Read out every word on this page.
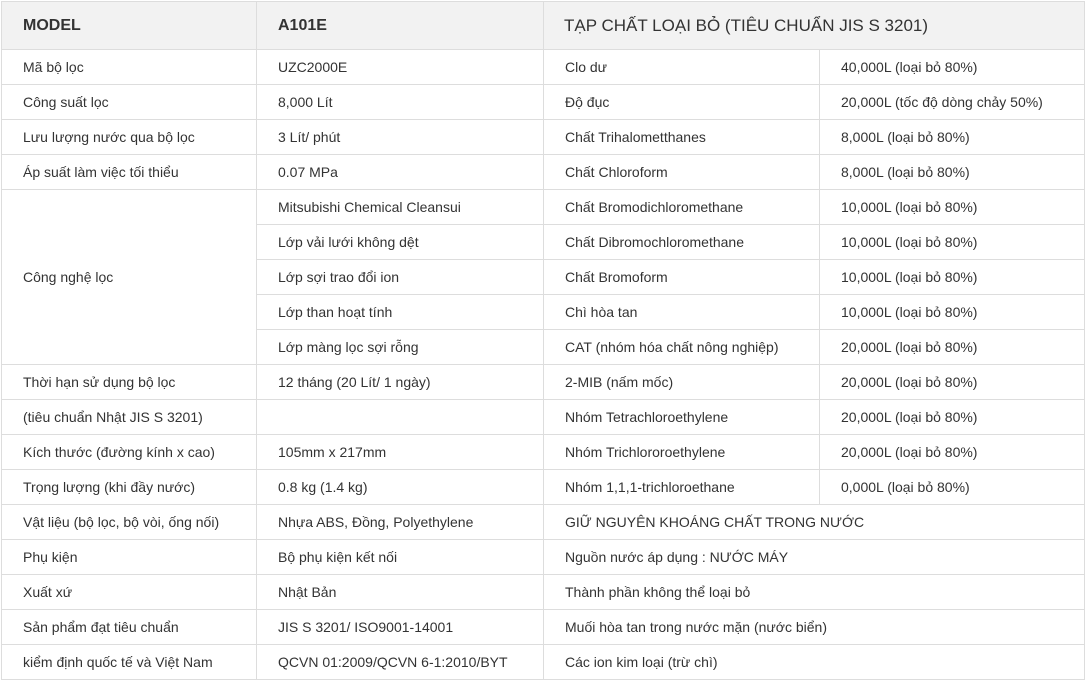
MODEL	A101E	TẠP CHẤT LOẠI BỎ (TIÊU CHUẨN JIS S 3201)	
Mã bộ lọc	UZC2000E	Clo dư	40,000L (loại bỏ 80%)
Công suất lọc	8,000 Lít	Độ đục	20,000L (tốc độ dòng chảy 50%)
Lưu lượng nước qua bộ lọc	3 Lít/ phút	Chất Trihalometthanes	8,000L (loại bỏ 80%)
Áp suất làm việc tối thiểu	0.07 MPa	Chất Chloroform	8,000L (loại bỏ 80%)
Công nghệ lọc	Mitsubishi Chemical Cleansui	Chất Bromodichloromethane	10,000L (loại bỏ 80%)
	Lớp vải lưới không dệt	Chất Dibromochloromethane	10,000L (loại bỏ 80%)
	Lớp sợi trao đổi ion	Chất Bromoform	10,000L (loại bỏ 80%)
	Lớp than hoạt tính	Chì hòa tan	10,000L (loại bỏ 80%)
	Lớp màng lọc sợi rỗng	CAT (nhóm hóa chất nông nghiệp)	20,000L (loại bỏ 80%)
Thời hạn sử dụng bộ lọc	12 tháng (20 Lít/ 1 ngày)	2-MIB (nấm mốc)	20,000L (loại bỏ 80%)
(tiêu chuẩn Nhật JIS S 3201)		Nhóm Tetrachloroethylene	20,000L (loại bỏ 80%)
Kích thước (đường kính x cao)	105mm x 217mm	Nhóm Trichlororoethylene	20,000L (loại bỏ 80%)
Trọng lượng (khi đầy nước)	0.8 kg (1.4 kg)	Nhóm 1,1,1-trichloroethane	0,000L (loại bỏ 80%)
Vật liệu (bộ lọc, bộ vòi, ống nối)	Nhựa ABS, Đồng, Polyethylene	GIỮ NGUYÊN KHOÁNG CHẤT TRONG NƯỚC	
Phụ kiện	Bộ phụ kiện kết nối	Nguồn nước áp dụng : NƯỚC MÁY	
Xuất xứ	Nhật Bản	Thành phần không thể loại bỏ	
Sản phẩm đạt tiêu chuẩn	JIS S 3201/ ISO9001-14001	Muối hòa tan trong nước mặn (nước biển)	
kiểm định quốc tế và Việt Nam	QCVN 01:2009/QCVN 6-1:2010/BYT	Các ion kim loại (trừ chì)	
